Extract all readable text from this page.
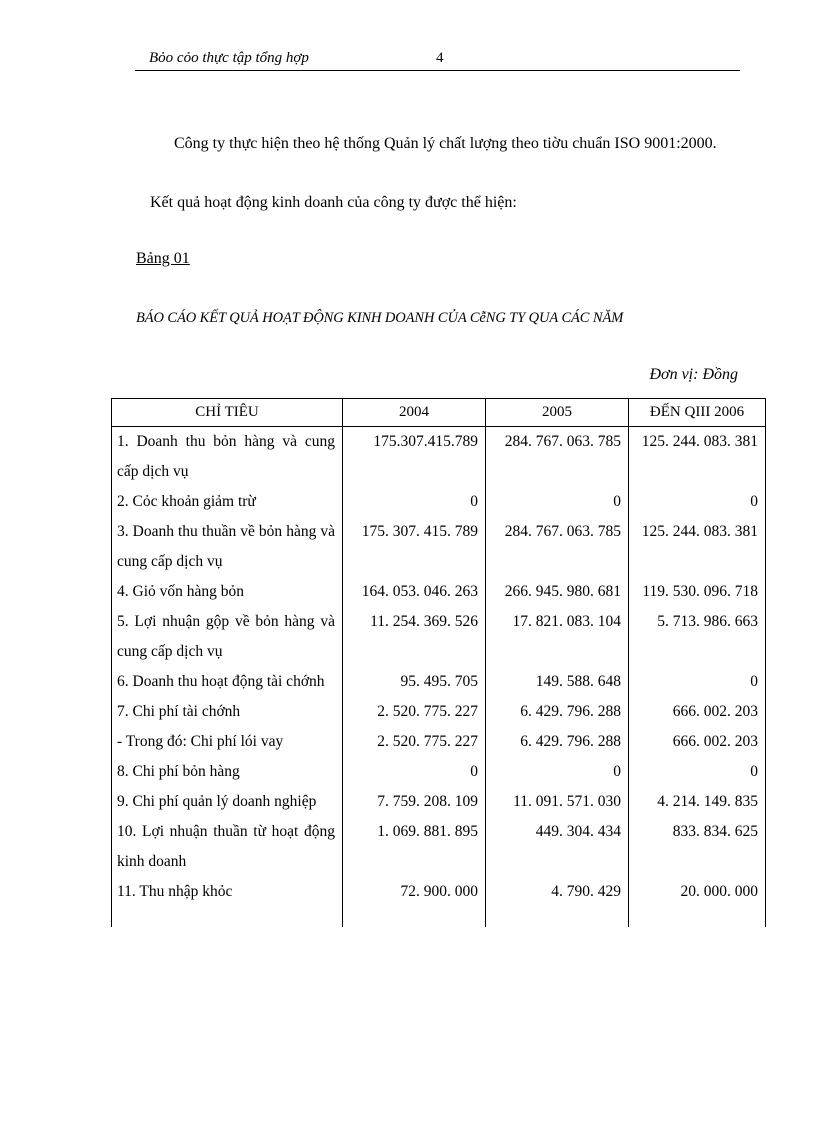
Bỏo cỏo thực tập tổng hợp	4

Công ty thực hiện theo hệ thống Quản lý chất lượng theo tiờu chuẩn ISO 9001:2000.

Kết quả hoạt động kinh doanh của công ty được thể hiện:

Bảng 01
BÁO CÁO KẾT QUẢ HOẠT ĐỘNG KINH DOANH CỦA CễNG TY QUA CÁC NĂM
Đơn vị: Đồng
CHỈ TIÊU	2004	2005	ĐẾN QIII 2006
1. Doanh thu bỏn hàng và cung cấp dịch vụ	175.307.415.789	284. 767. 063. 785	125. 244. 083. 381
2. Cỏc khoản giảm trừ	0	0	0
3. Doanh thu thuần về bỏn hàng và cung cấp dịch vụ	175. 307. 415. 789	284. 767. 063. 785	125. 244. 083. 381
4. Giỏ vốn hàng bỏn	164. 053. 046. 263	266. 945. 980. 681	119. 530. 096. 718
5. Lợi nhuận gộp về bỏn hàng và cung cấp dịch vụ	11. 254. 369. 526	17. 821. 083. 104	5. 713. 986. 663
6. Doanh thu hoạt động tài chớnh	95. 495. 705	149. 588. 648	0
7. Chi phí tài chớnh	2. 520. 775. 227	6. 429. 796. 288	666. 002. 203
- Trong đó: Chi phí lói vay	2. 520. 775. 227	6. 429. 796. 288	666. 002. 203
8. Chi phí bỏn hàng	0	0	0
9. Chi phí quản lý doanh nghiệp	7. 759. 208. 109	11. 091. 571. 030	4. 214. 149. 835
10. Lợi nhuận thuần từ hoạt động kinh doanh	1. 069. 881. 895	449. 304. 434	833. 834. 625
11. Thu nhập khỏc	72. 900. 000	4. 790. 429	20. 000. 000
